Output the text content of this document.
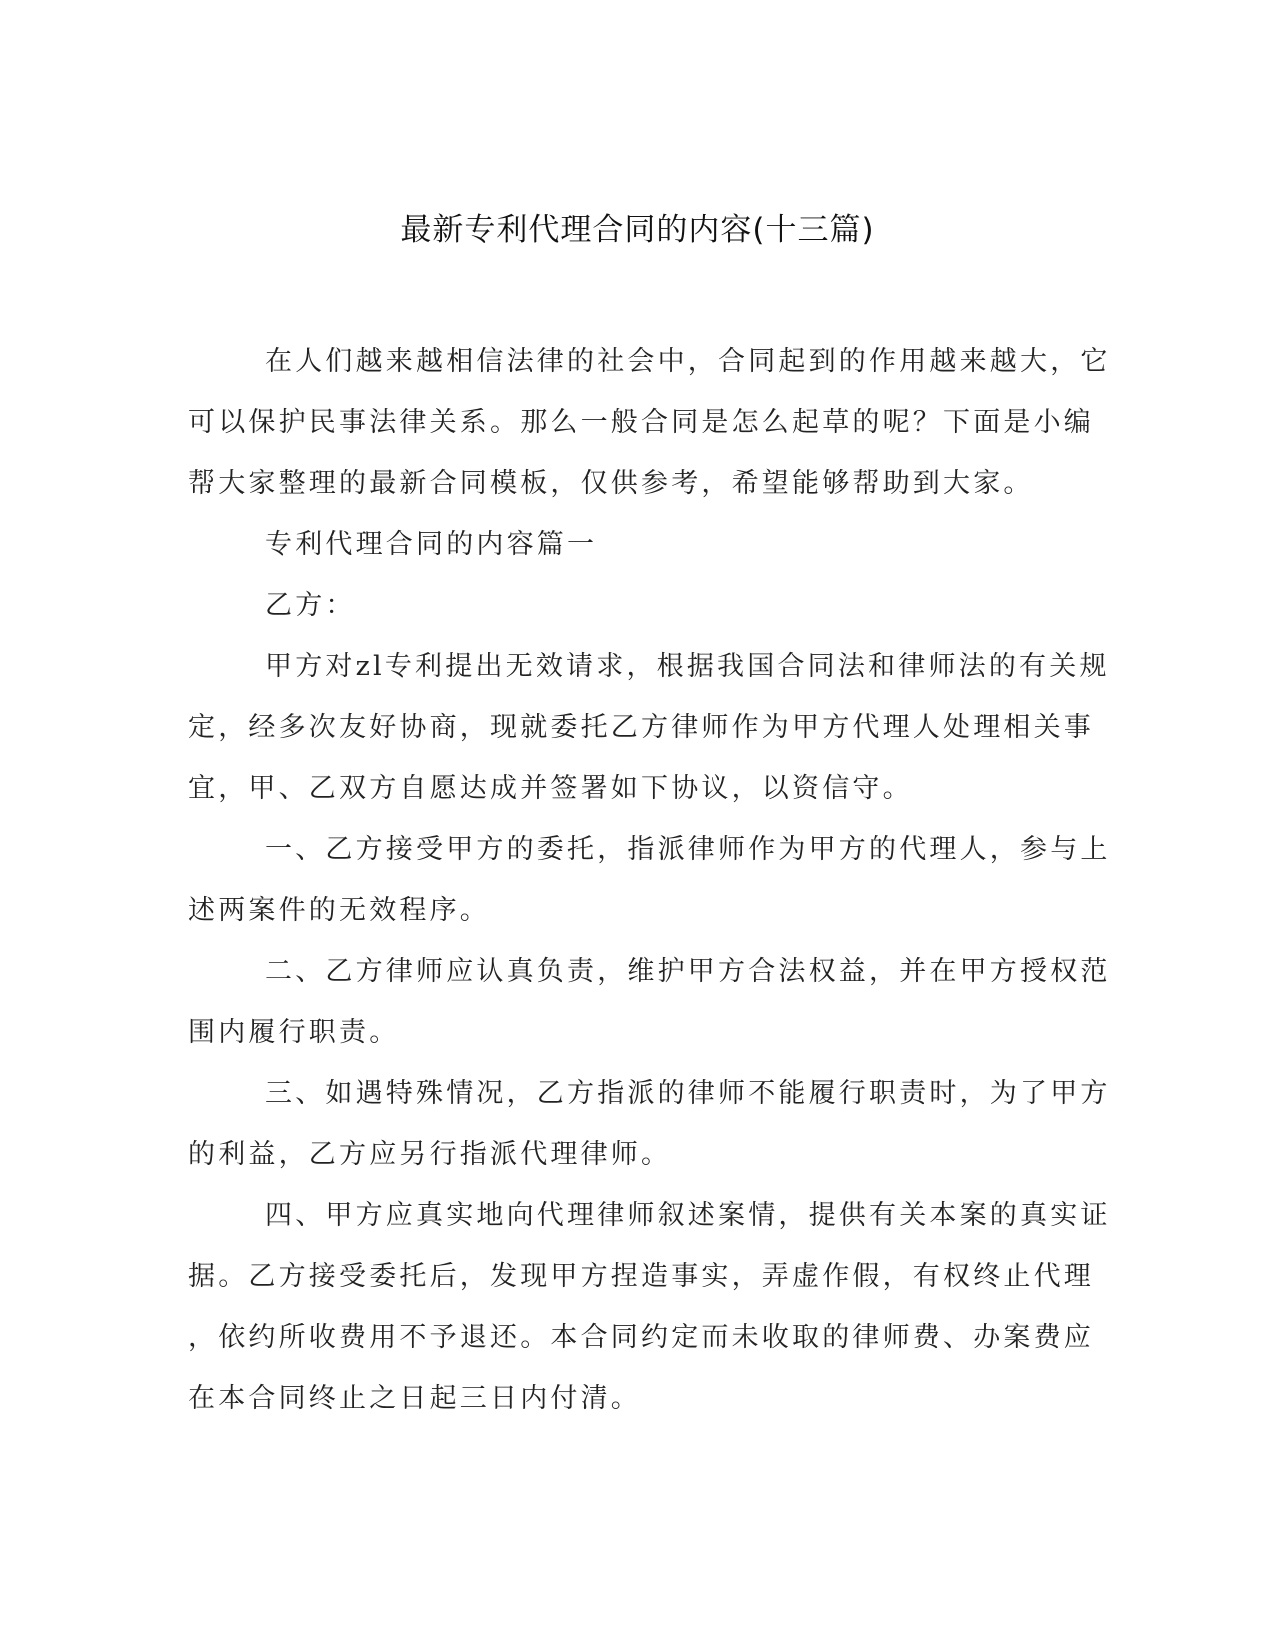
最新专利代理合同的内容(十三篇)

在人们越来越相信法律的社会中，合同起到的作用越来越大，它
可以保护民事法律关系。那么一般合同是怎么起草的呢？下面是小编
帮大家整理的最新合同模板，仅供参考，希望能够帮助到大家。

专利代理合同的内容篇一

乙方：

甲方对zl专利提出无效请求，根据我国合同法和律师法的有关规
定，经多次友好协商，现就委托乙方律师作为甲方代理人处理相关事
宜，甲、乙双方自愿达成并签署如下协议，以资信守。

一、乙方接受甲方的委托，指派律师作为甲方的代理人，参与上
述两案件的无效程序。

二、乙方律师应认真负责，维护甲方合法权益，并在甲方授权范
围内履行职责。

三、如遇特殊情况，乙方指派的律师不能履行职责时，为了甲方
的利益，乙方应另行指派代理律师。

四、甲方应真实地向代理律师叙述案情，提供有关本案的真实证
据。乙方接受委托后，发现甲方捏造事实，弄虚作假，有权终止代理
，依约所收费用不予退还。本合同约定而未收取的律师费、办案费应
在本合同终止之日起三日内付清。
